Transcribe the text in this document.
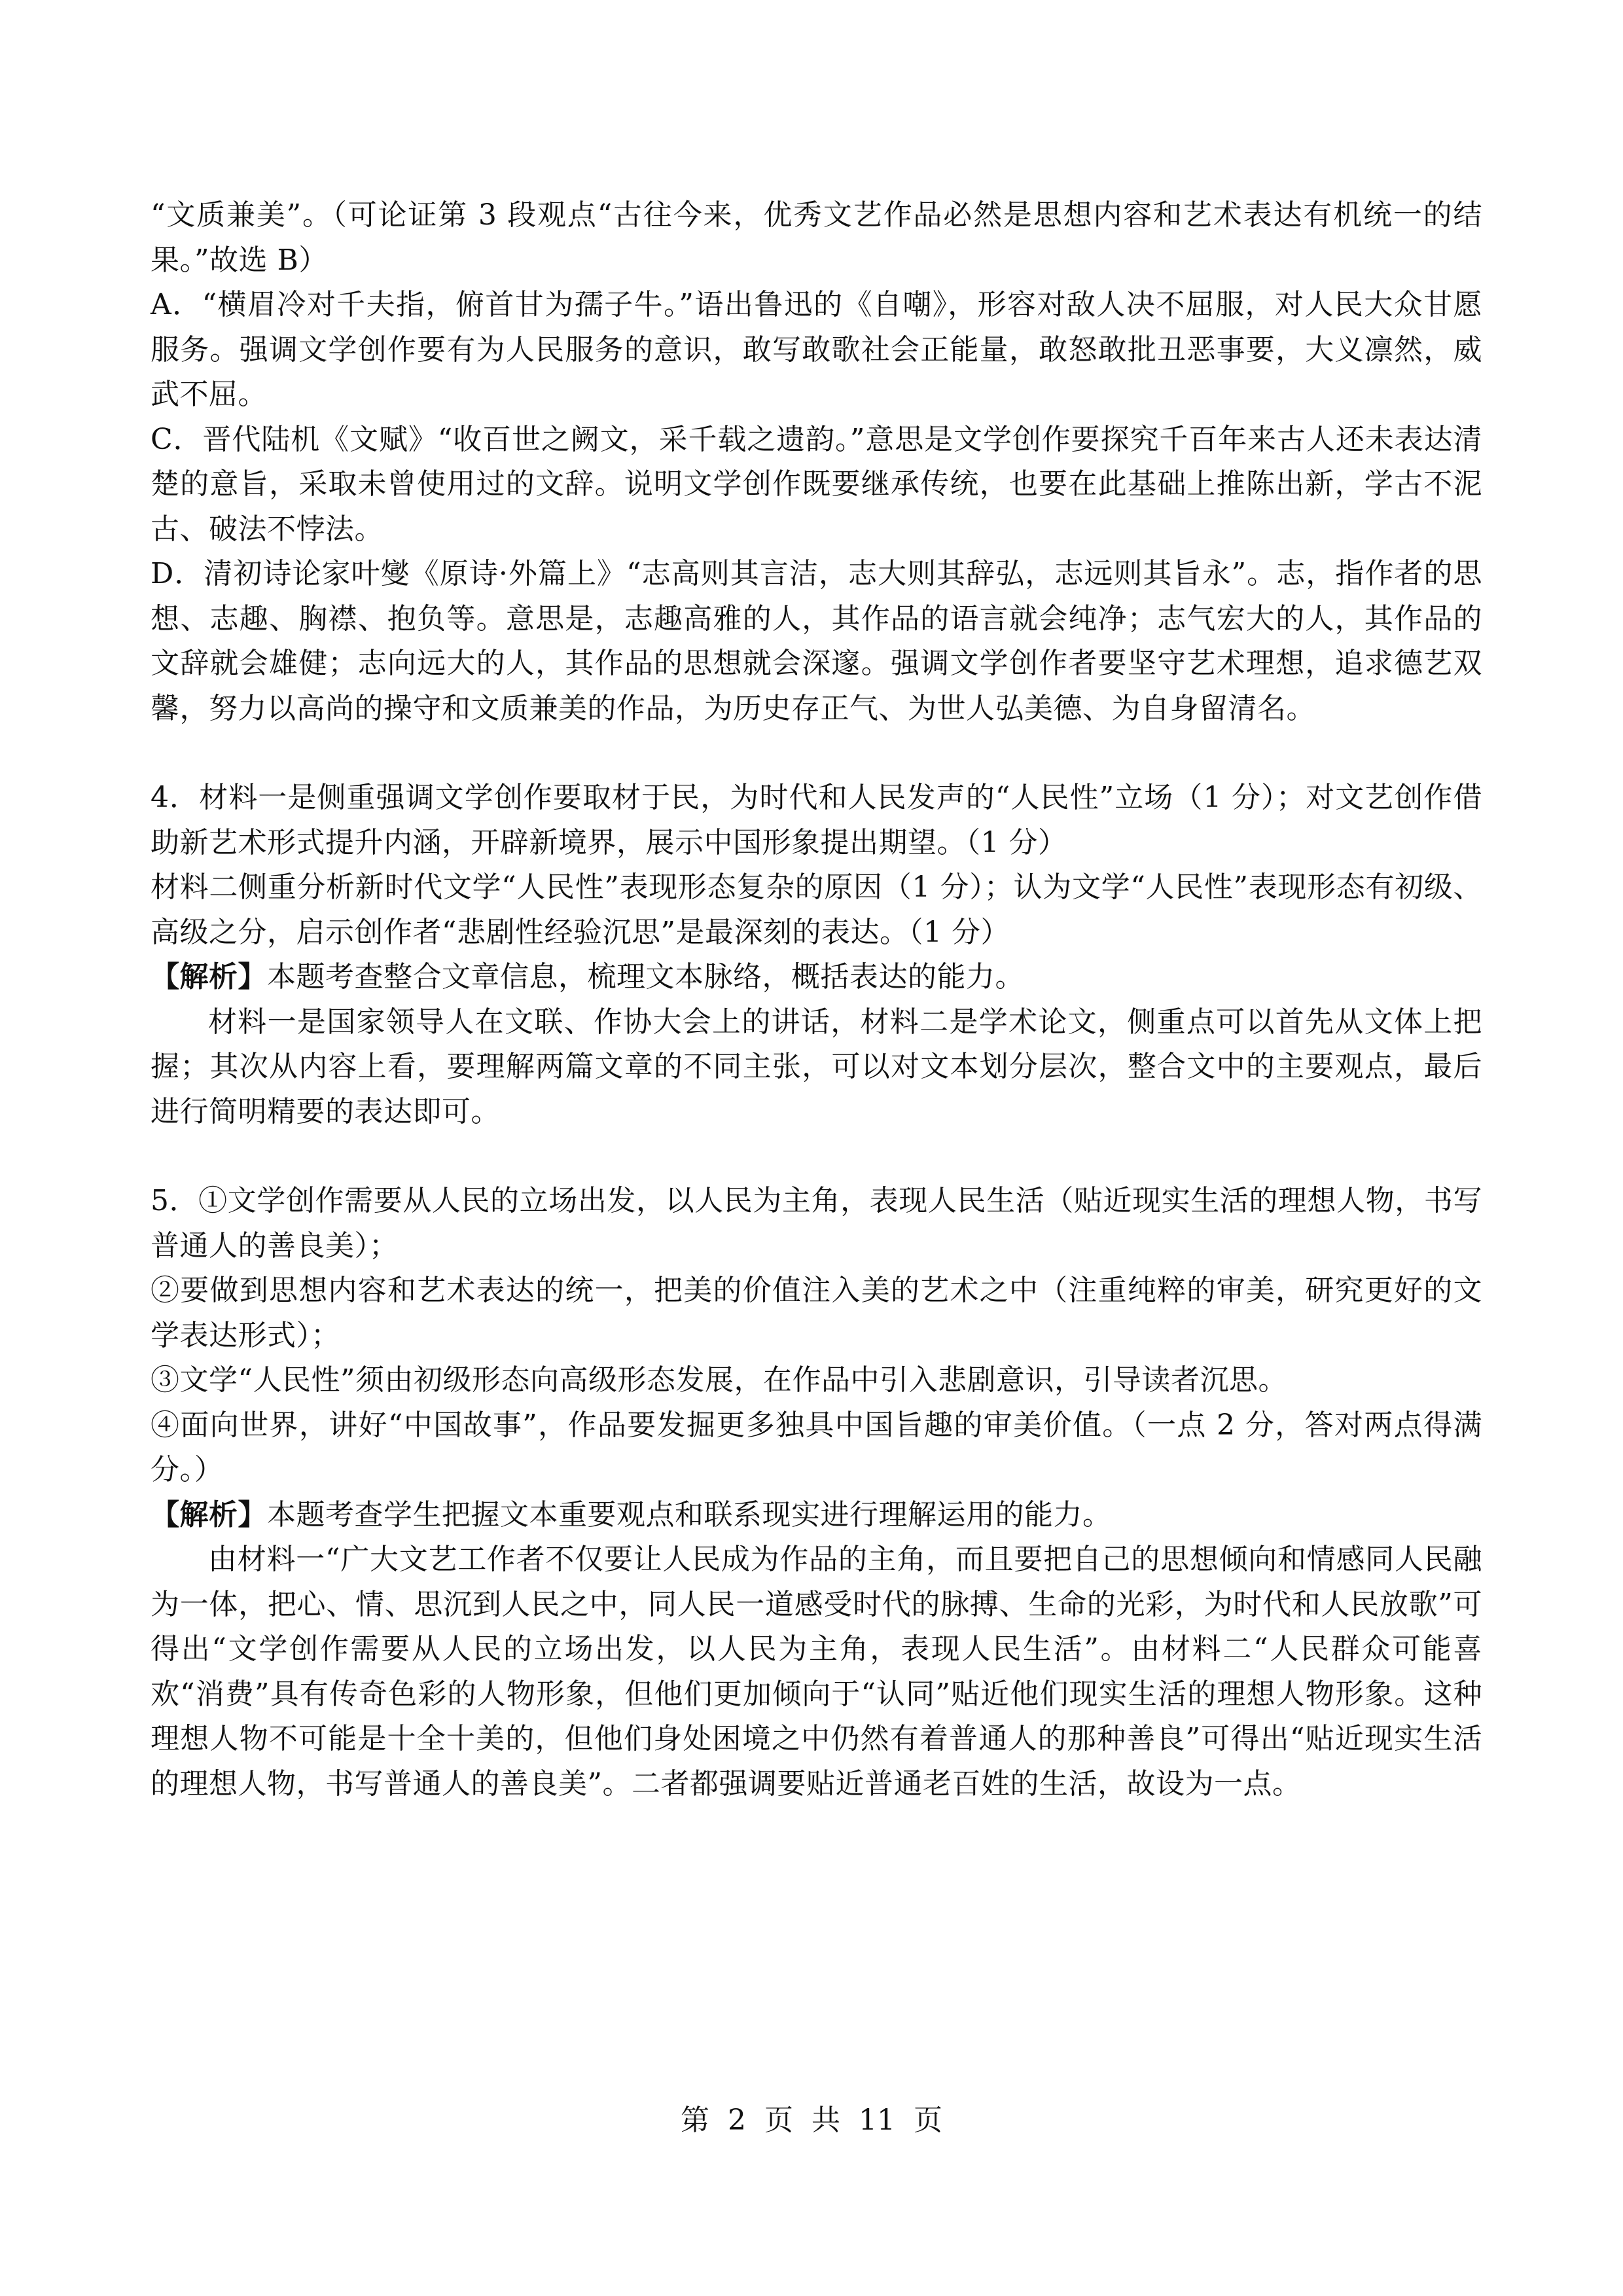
“文质兼美”。（可论证第 3 段观点“古往今来，优秀文艺作品必然是思想内容和艺术表达有机统一的结果。”故选 B）

A．“横眉冷对千夫指，俯首甘为孺子牛。”语出鲁迅的《自嘲》，形容对敌人决不屈服，对人民大众甘愿服务。强调文学创作要有为人民服务的意识，敢写敢歌社会正能量，敢怒敢批丑恶事要，大义凛然，威武不屈。

C．晋代陆机《文赋》“收百世之阙文，采千载之遗韵。”意思是文学创作要探究千百年来古人还未表达清楚的意旨，采取未曾使用过的文辞。说明文学创作既要继承传统，也要在此基础上推陈出新，学古不泥古、破法不悖法。

D．清初诗论家叶燮《原诗·外篇上》“志高则其言洁，志大则其辞弘，志远则其旨永”。志，指作者的思想、志趣、胸襟、抱负等。意思是，志趣高雅的人，其作品的语言就会纯净；志气宏大的人，其作品的文辞就会雄健；志向远大的人，其作品的思想就会深邃。强调文学创作者要坚守艺术理想，追求德艺双馨，努力以高尚的操守和文质兼美的作品，为历史存正气、为世人弘美德、为自身留清名。

4．材料一是侧重强调文学创作要取材于民，为时代和人民发声的“人民性”立场（1 分）；对文艺创作借助新艺术形式提升内涵，开辟新境界，展示中国形象提出期望。（1 分）

材料二侧重分析新时代文学“人民性”表现形态复杂的原因（1 分）；认为文学“人民性”表现形态有初级、高级之分，启示创作者“悲剧性经验沉思”是最深刻的表达。（1 分）

【解析】本题考查整合文章信息，梳理文本脉络，概括表达的能力。

材料一是国家领导人在文联、作协大会上的讲话，材料二是学术论文，侧重点可以首先从文体上把握；其次从内容上看，要理解两篇文章的不同主张，可以对文本划分层次，整合文中的主要观点，最后进行简明精要的表达即可。

5．①文学创作需要从人民的立场出发，以人民为主角，表现人民生活（贴近现实生活的理想人物，书写普通人的善良美）；

②要做到思想内容和艺术表达的统一，把美的价值注入美的艺术之中（注重纯粹的审美，研究更好的文学表达形式）；

③文学“人民性”须由初级形态向高级形态发展，在作品中引入悲剧意识，引导读者沉思。

④面向世界，讲好“中国故事”，作品要发掘更多独具中国旨趣的审美价值。（一点 2 分，答对两点得满分。）

【解析】本题考查学生把握文本重要观点和联系现实进行理解运用的能力。

由材料一“广大文艺工作者不仅要让人民成为作品的主角，而且要把自己的思想倾向和情感同人民融为一体，把心、情、思沉到人民之中，同人民一道感受时代的脉搏、生命的光彩，为时代和人民放歌”可得出“文学创作需要从人民的立场出发，以人民为主角，表现人民生活”。由材料二“人民群众可能喜欢“消费”具有传奇色彩的人物形象，但他们更加倾向于“认同”贴近他们现实生活的理想人物形象。这种理想人物不可能是十全十美的，但他们身处困境之中仍然有着普通人的那种善良”可得出“贴近现实生活的理想人物，书写普通人的善良美”。二者都强调要贴近普通老百姓的生活，故设为一点。

第 2 页 共 11 页
